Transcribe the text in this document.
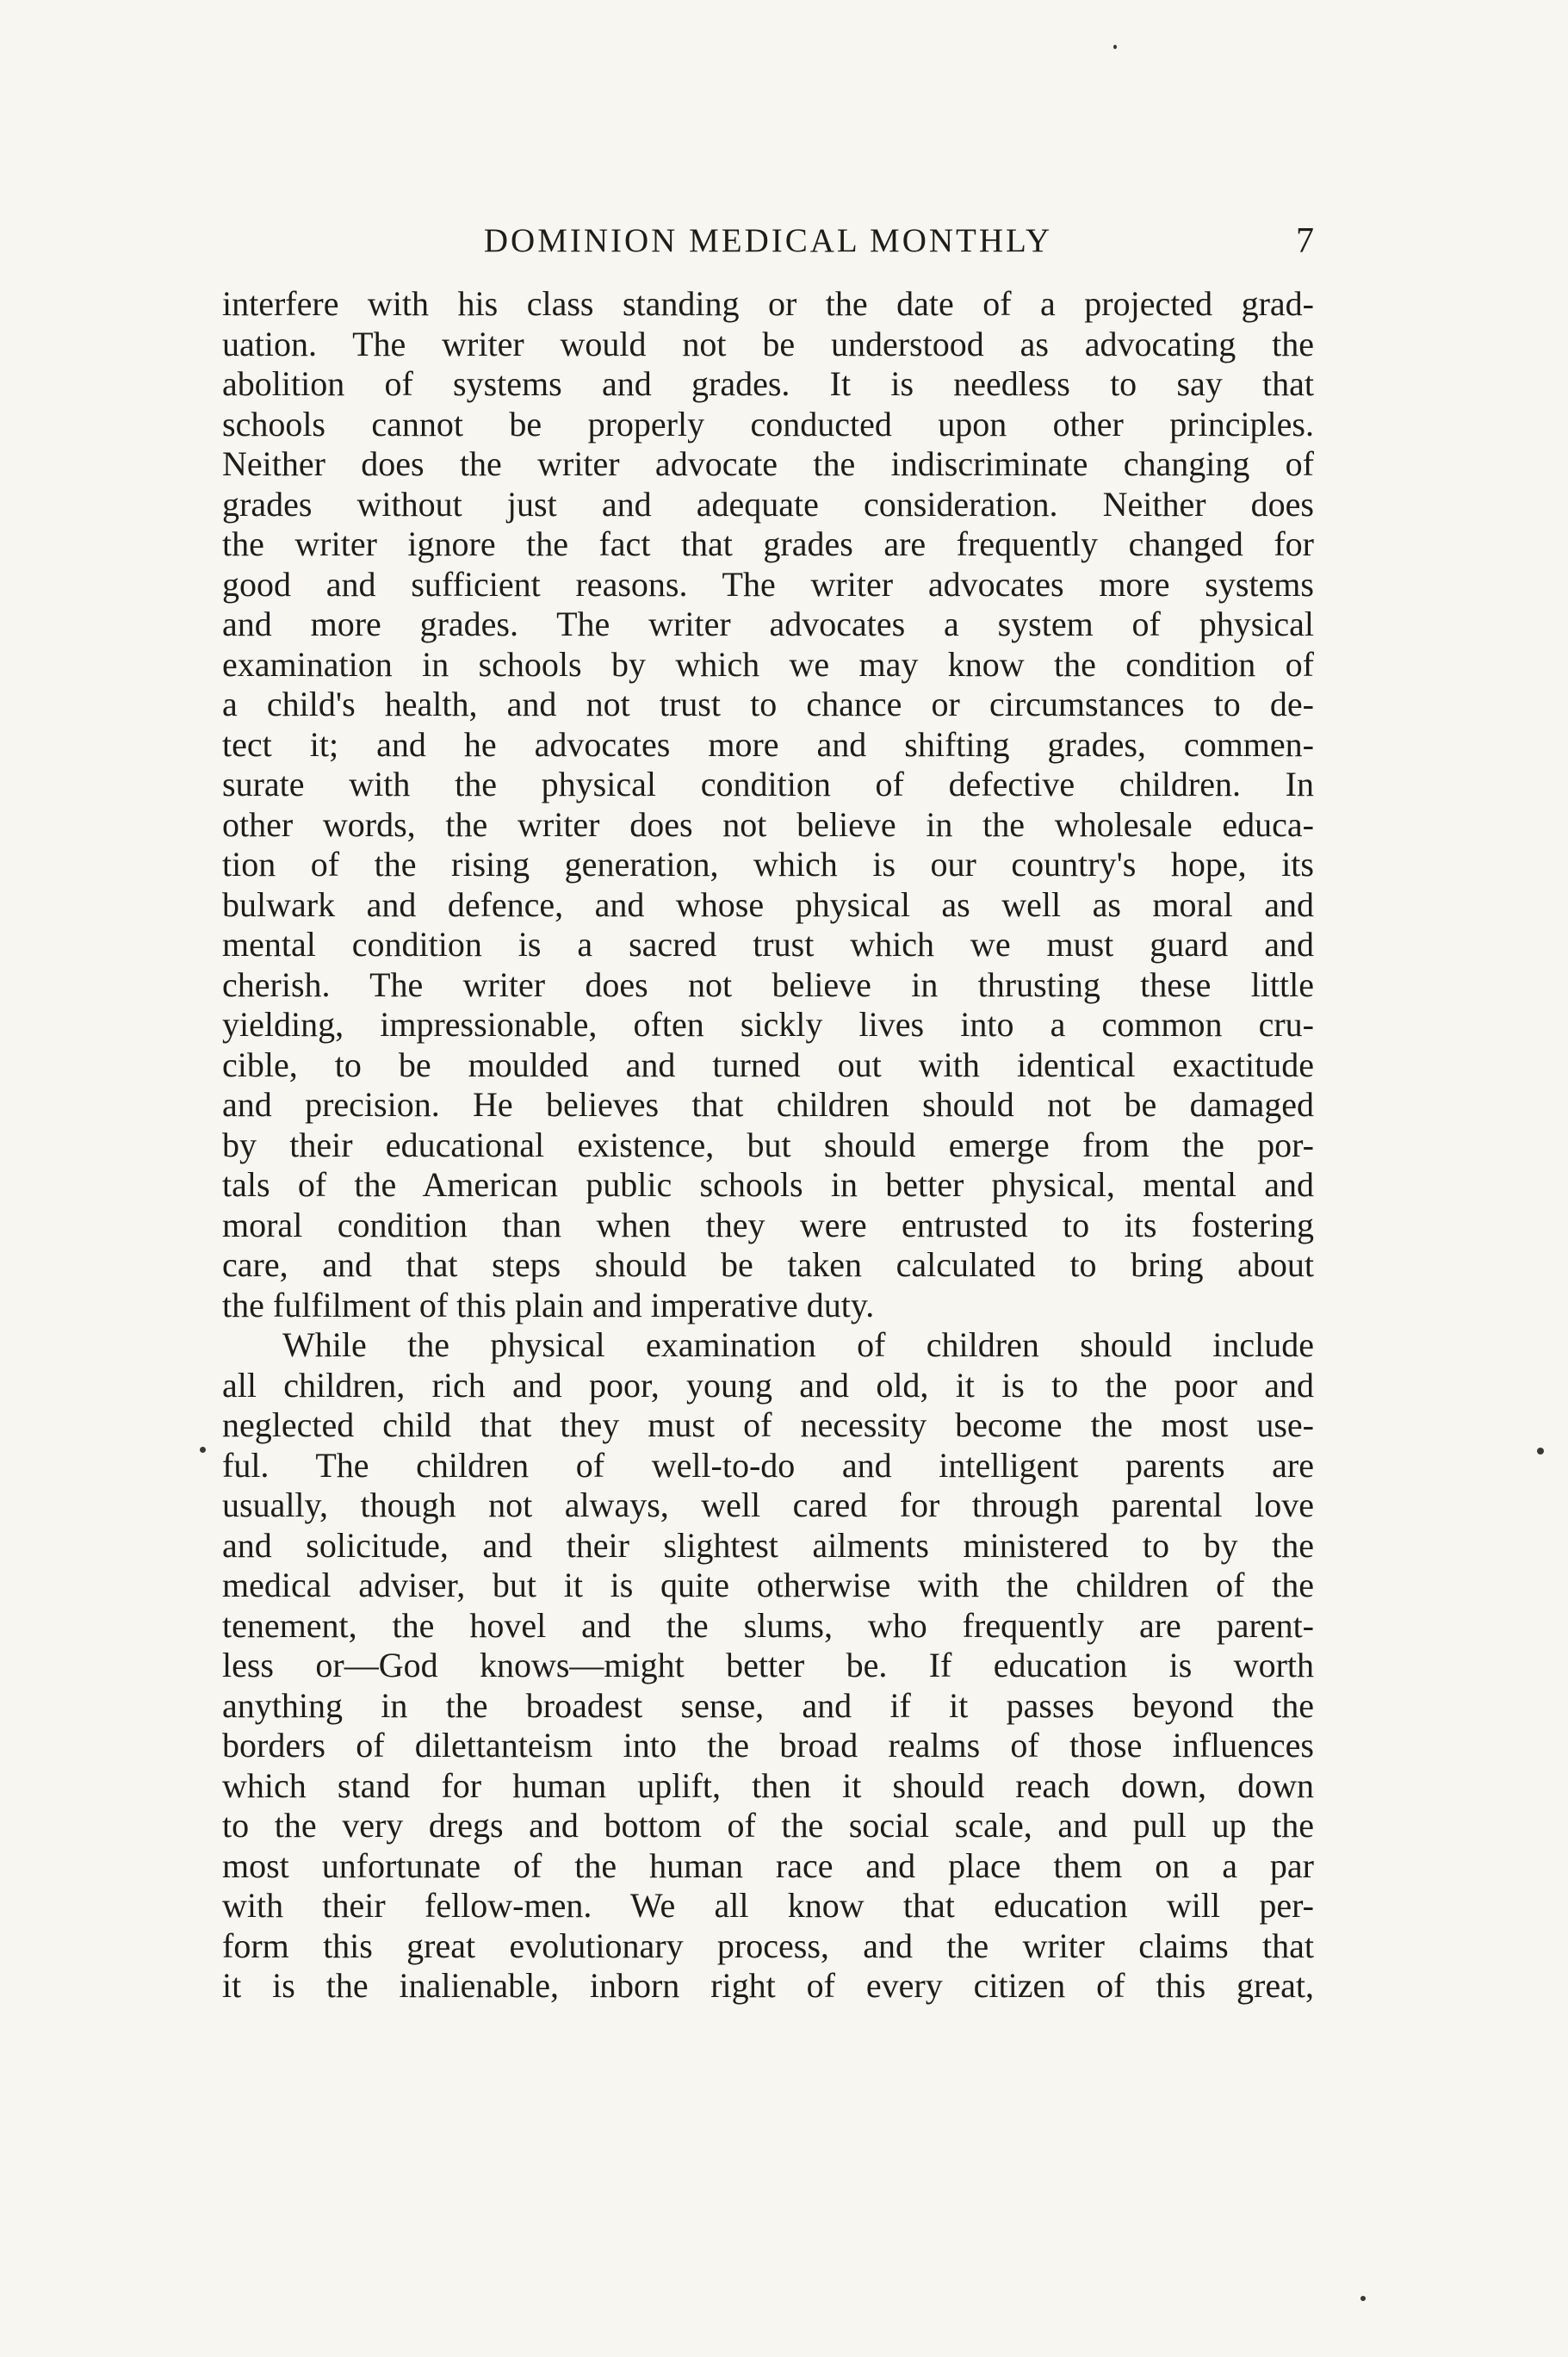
DOMINION MEDICAL MONTHLY	7
interfere with his class standing or the date of a projected grad-
uation. The writer would not be understood as advocating the
abolition of systems and grades. It is needless to say that
schools cannot be properly conducted upon other principles.
Neither does the writer advocate the indiscriminate changing of
grades without just and adequate consideration. Neither does
the writer ignore the fact that grades are frequently changed for
good and sufficient reasons. The writer advocates more systems
and more grades. The writer advocates a system of physical
examination in schools by which we may know the condition of
a child's health, and not trust to chance or circumstances to de-
tect it; and he advocates more and shifting grades, commen-
surate with the physical condition of defective children. In
other words, the writer does not believe in the wholesale educa-
tion of the rising generation, which is our country's hope, its
bulwark and defence, and whose physical as well as moral and
mental condition is a sacred trust which we must guard and
cherish. The writer does not believe in thrusting these little
yielding, impressionable, often sickly lives into a common cru-
cible, to be moulded and turned out with identical exactitude
and precision. He believes that children should not be damaged
by their educational existence, but should emerge from the por-
tals of the American public schools in better physical, mental and
moral condition than when they were entrusted to its fostering
care, and that steps should be taken calculated to bring about
the fulfilment of this plain and imperative duty.
While the physical examination of children should include
all children, rich and poor, young and old, it is to the poor and
neglected child that they must of necessity become the most use-
ful. The children of well-to-do and intelligent parents are
usually, though not always, well cared for through parental love
and solicitude, and their slightest ailments ministered to by the
medical adviser, but it is quite otherwise with the children of the
tenement, the hovel and the slums, who frequently are parent-
less or—God knows—might better be. If education is worth
anything in the broadest sense, and if it passes beyond the
borders of dilettanteism into the broad realms of those influences
which stand for human uplift, then it should reach down, down
to the very dregs and bottom of the social scale, and pull up the
most unfortunate of the human race and place them on a par
with their fellow-men. We all know that education will per-
form this great evolutionary process, and the writer claims that
it is the inalienable, inborn right of every citizen of this great,
